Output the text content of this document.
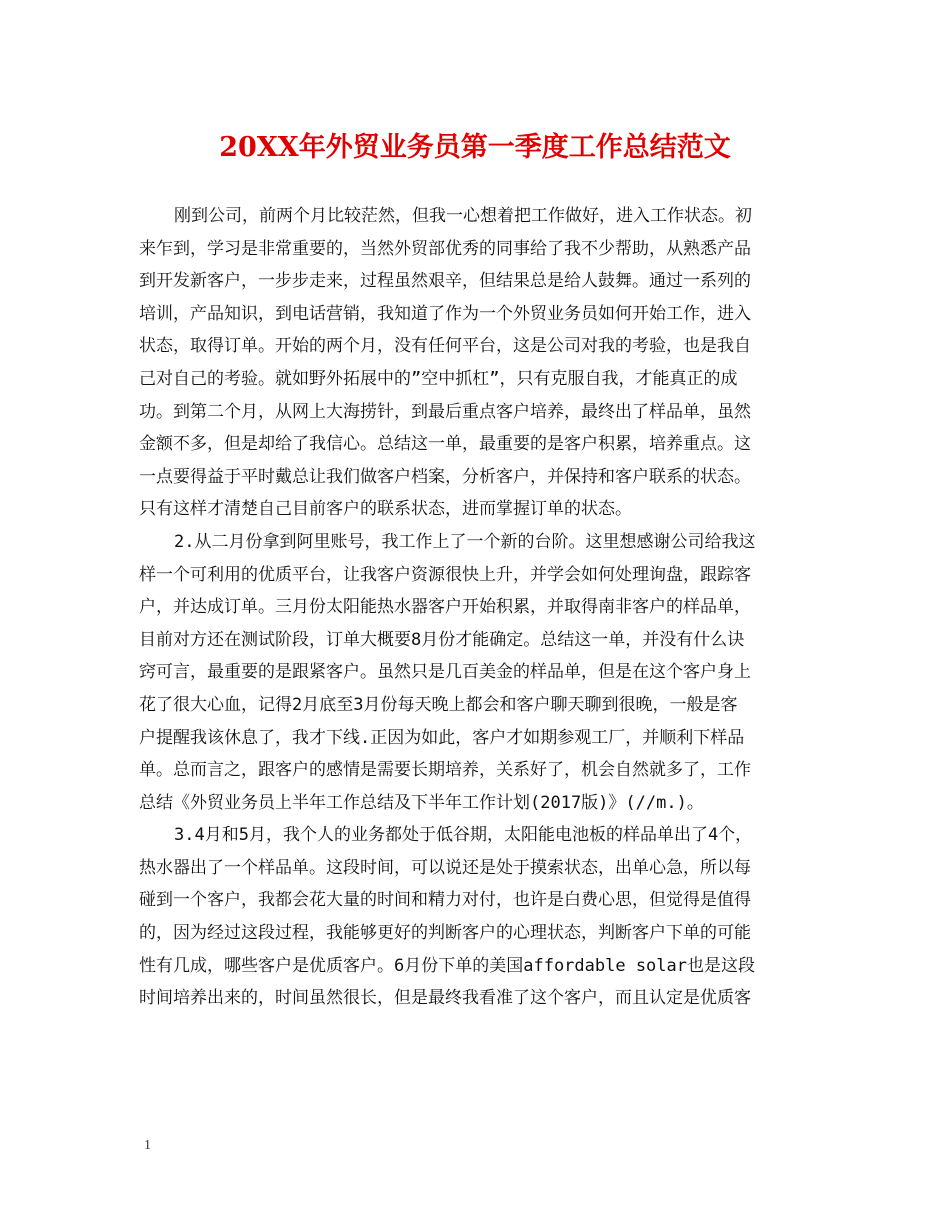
20XX年外贸业务员第一季度工作总结范文
刚到公司，前两个月比较茫然，但我一心想着把工作做好，进入工作状态。初
来乍到，学习是非常重要的，当然外贸部优秀的同事给了我不少帮助，从熟悉产品
到开发新客户，一步步走来，过程虽然艰辛，但结果总是给人鼓舞。通过一系列的
培训，产品知识，到电话营销，我知道了作为一个外贸业务员如何开始工作，进入
状态，取得订单。开始的两个月，没有任何平台，这是公司对我的考验，也是我自
己对自己的考验。就如野外拓展中的”空中抓杠”，只有克服自我，才能真正的成
功。到第二个月，从网上大海捞针，到最后重点客户培养，最终出了样品单，虽然
金额不多，但是却给了我信心。总结这一单，最重要的是客户积累，培养重点。这
一点要得益于平时戴总让我们做客户档案，分析客户，并保持和客户联系的状态。
只有这样才清楚自己目前客户的联系状态，进而掌握订单的状态。
2.从二月份拿到阿里账号，我工作上了一个新的台阶。这里想感谢公司给我这
样一个可利用的优质平台，让我客户资源很快上升，并学会如何处理询盘，跟踪客
户，并达成订单。三月份太阳能热水器客户开始积累，并取得南非客户的样品单，
目前对方还在测试阶段，订单大概要8月份才能确定。总结这一单，并没有什么诀
窍可言，最重要的是跟紧客户。虽然只是几百美金的样品单，但是在这个客户身上
花了很大心血，记得2月底至3月份每天晚上都会和客户聊天聊到很晚，一般是客
户提醒我该休息了，我才下线.正因为如此，客户才如期参观工厂，并顺利下样品
单。总而言之，跟客户的感情是需要长期培养，关系好了，机会自然就多了，工作
总结《外贸业务员上半年工作总结及下半年工作计划(2017版)》(//m.)。
3.4月和5月，我个人的业务都处于低谷期，太阳能电池板的样品单出了4个，
热水器出了一个样品单。这段时间，可以说还是处于摸索状态，出单心急，所以每
碰到一个客户，我都会花大量的时间和精力对付，也许是白费心思，但觉得是值得
的，因为经过这段过程，我能够更好的判断客户的心理状态，判断客户下单的可能
性有几成，哪些客户是优质客户。6月份下单的美国affordable solar也是这段
时间培养出来的，时间虽然很长，但是最终我看准了这个客户，而且认定是优质客
1
